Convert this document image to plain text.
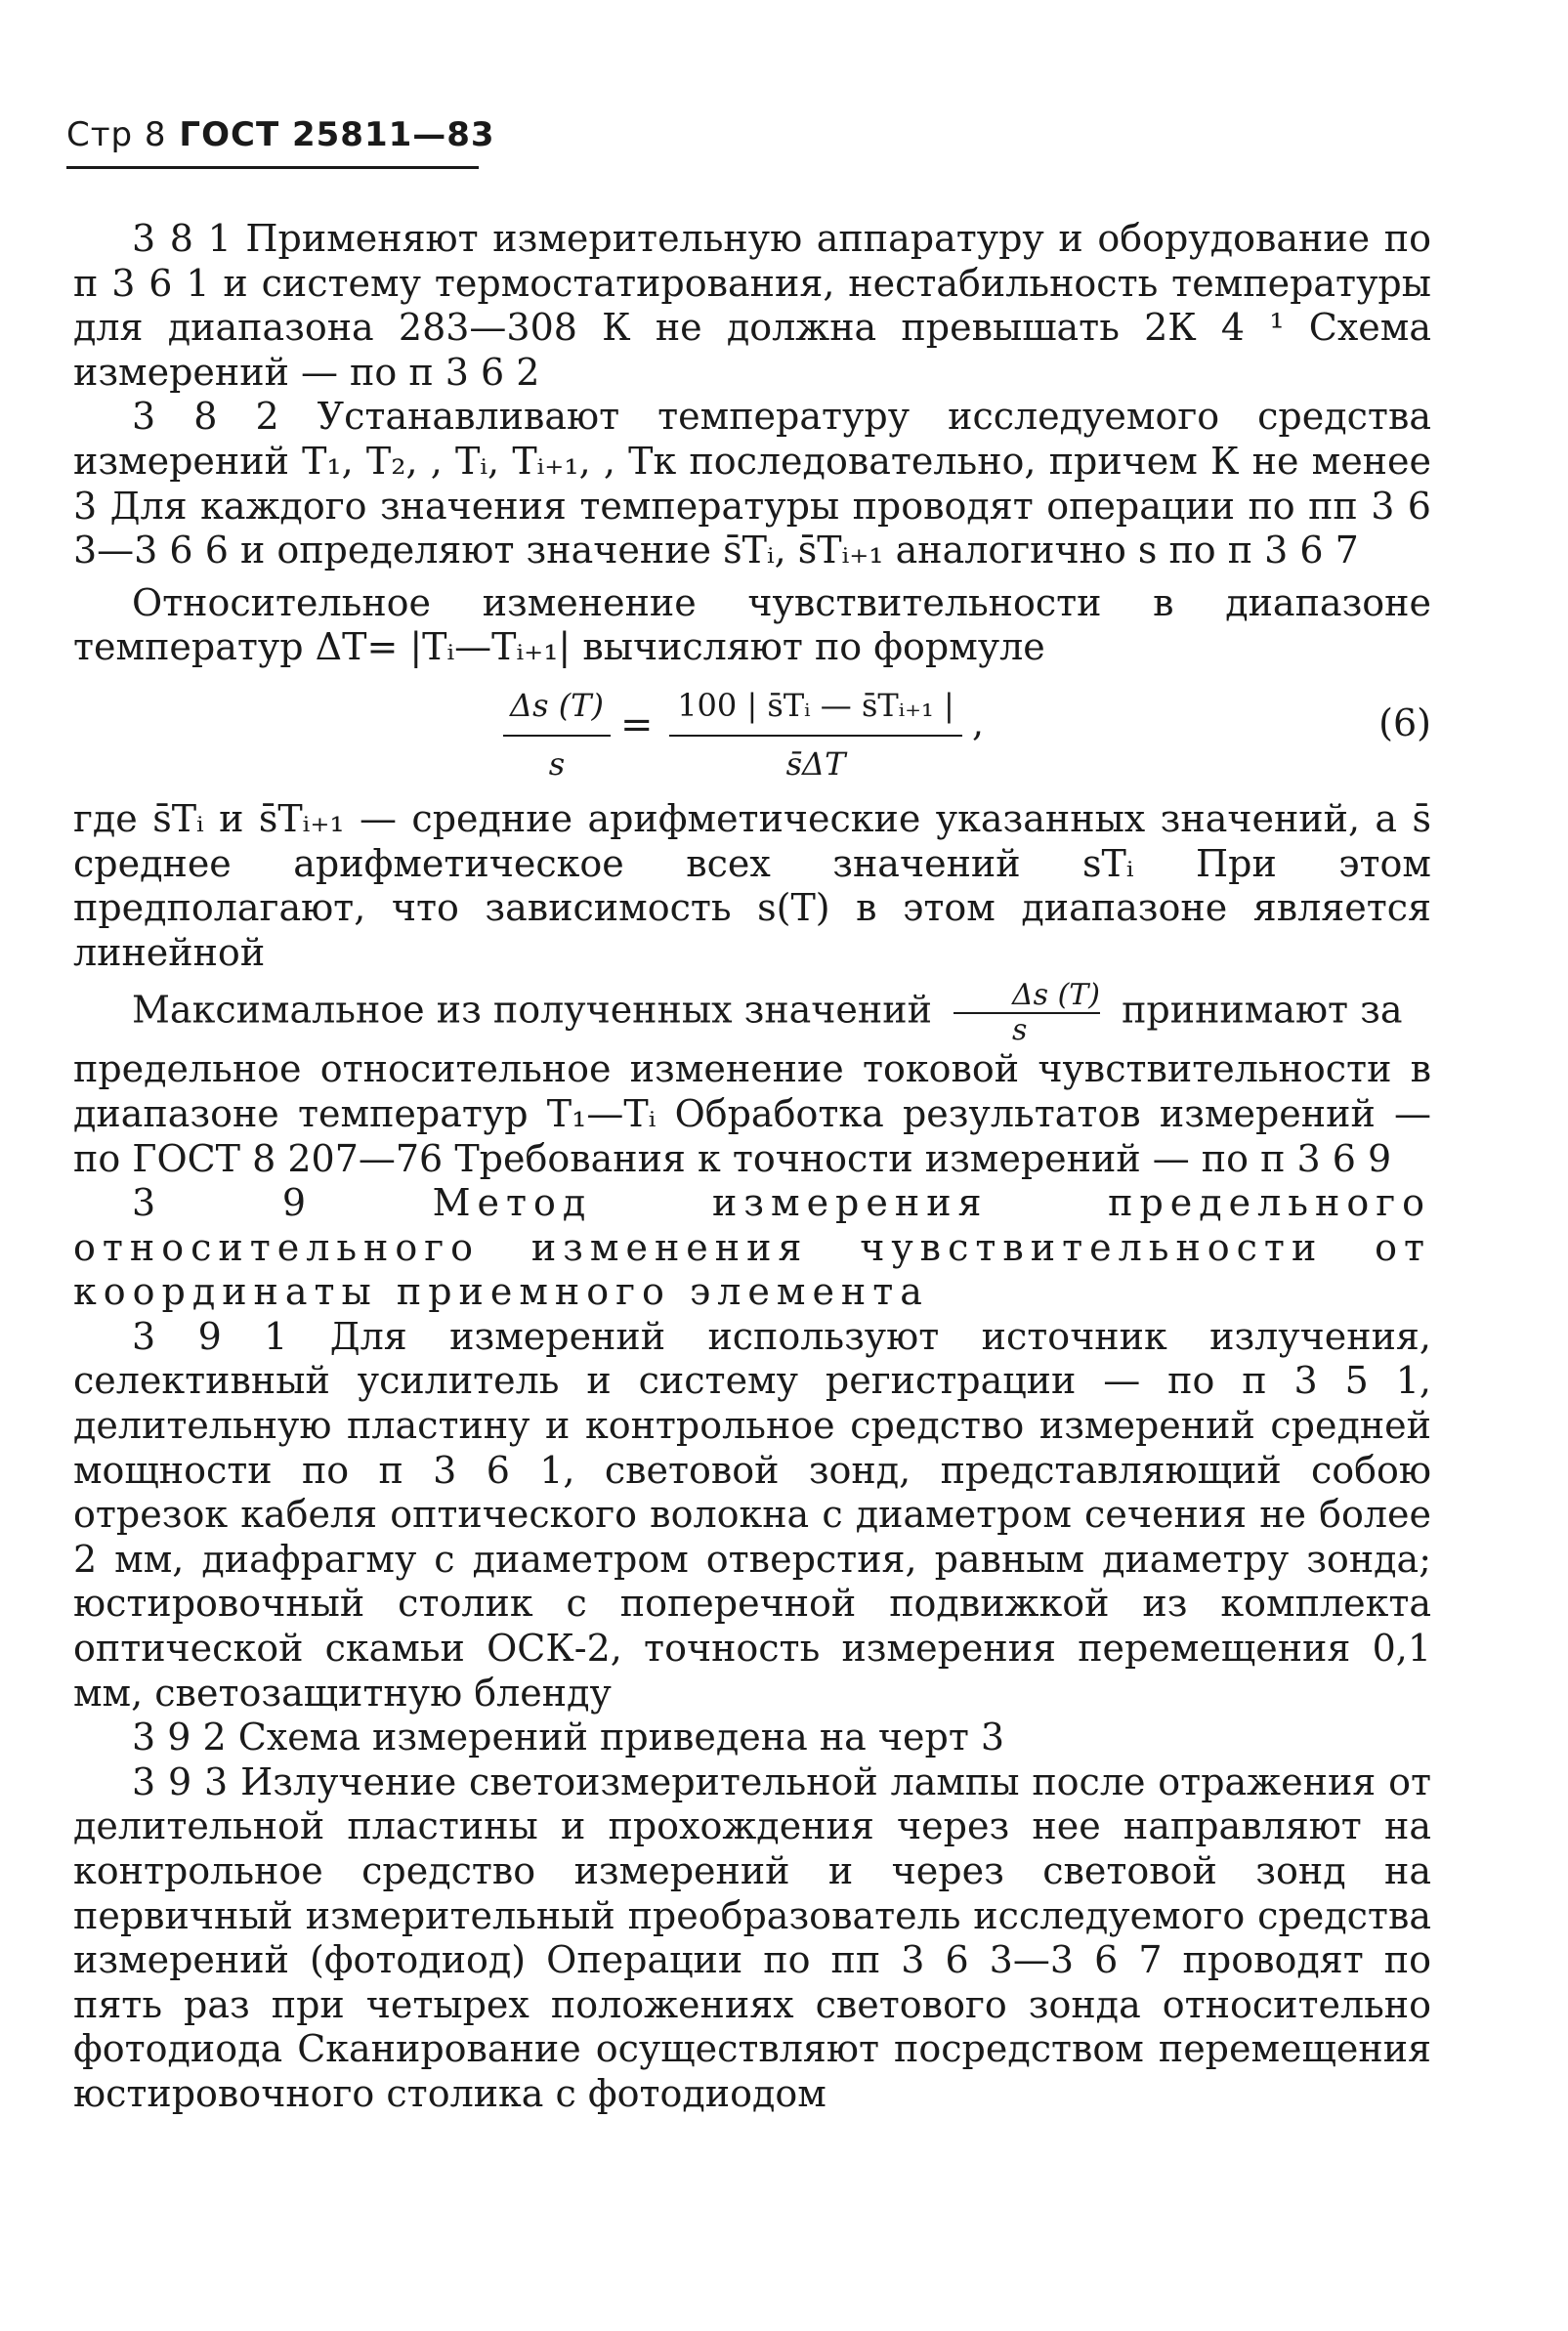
Стр 8 ГОСТ 25811—83

3 8 1 Применяют измерительную аппаратуру и оборудование по п 3 6 1 и систему термостатирования, нестабильность температуры для диапазона 283—308 К не должна превышать 2К 4 ¹ Схема измерений — по п 3 6 2

3 8 2 Устанавливают температуру исследуемого средства измерений T₁, T₂, , Tᵢ, Tᵢ₊₁, , Tк последовательно, причем К не менее 3 Для каждого значения температуры проводят операции по пп 3 6 3—3 6 6 и определяют значение s̄Tᵢ, s̄Tᵢ₊₁ аналогично s по п 3 6 7

Относительное изменение чувствительности в диапазоне температур ΔT= |Tᵢ—Tᵢ₊₁| вычисляют по формуле

Δs (T)
s
= 100 | s̄Tᵢ — s̄Tᵢ₊₁ |
s̄ΔT
,	(6)

где s̄Tᵢ и s̄Tᵢ₊₁ — средние арифметические указанных значений, а s̄ среднее арифметическое всех значений sTᵢ При этом предполагают, что зависимость s(T) в этом диапазоне является линейной

Максимальное из полученных значений $\frac{\Delta s (T)}{s}$ принимают за

предельное относительное изменение токовой чувствительности в диапазоне температур T₁—Tᵢ Обработка результатов измерений — по ГОСТ 8 207—76 Требования к точности измерений — по п 3 6 9

3 9 Метод измерения предельного относительного изменения чувствительности от координаты приемного элемента

3 9 1 Для измерений используют источник излучения, селективный усилитель и систему регистрации — по п 3 5 1, делительную пластину и контрольное средство измерений средней мощности по п 3 6 1, световой зонд, представляющий собою отрезок кабеля оптического волокна с диаметром сечения не более 2 мм, диафрагму с диаметром отверстия, равным диаметру зонда; юстировочный столик с поперечной подвижкой из комплекта оптической скамьи ОСК-2, точность измерения перемещения 0,1 мм, светозащитную бленду

3 9 2 Схема измерений приведена на черт 3

3 9 3 Излучение светоизмерительной лампы после отражения от делительной пластины и прохождения через нее направляют на контрольное средство измерений и через световой зонд на первичный измерительный преобразователь исследуемого средства измерений (фотодиод) Операции по пп 3 6 3—3 6 7 проводят по пять раз при четырех положениях светового зонда относительно фотодиода Сканирование осуществляют посредством перемещения юстировочного столика с фотодиодом
